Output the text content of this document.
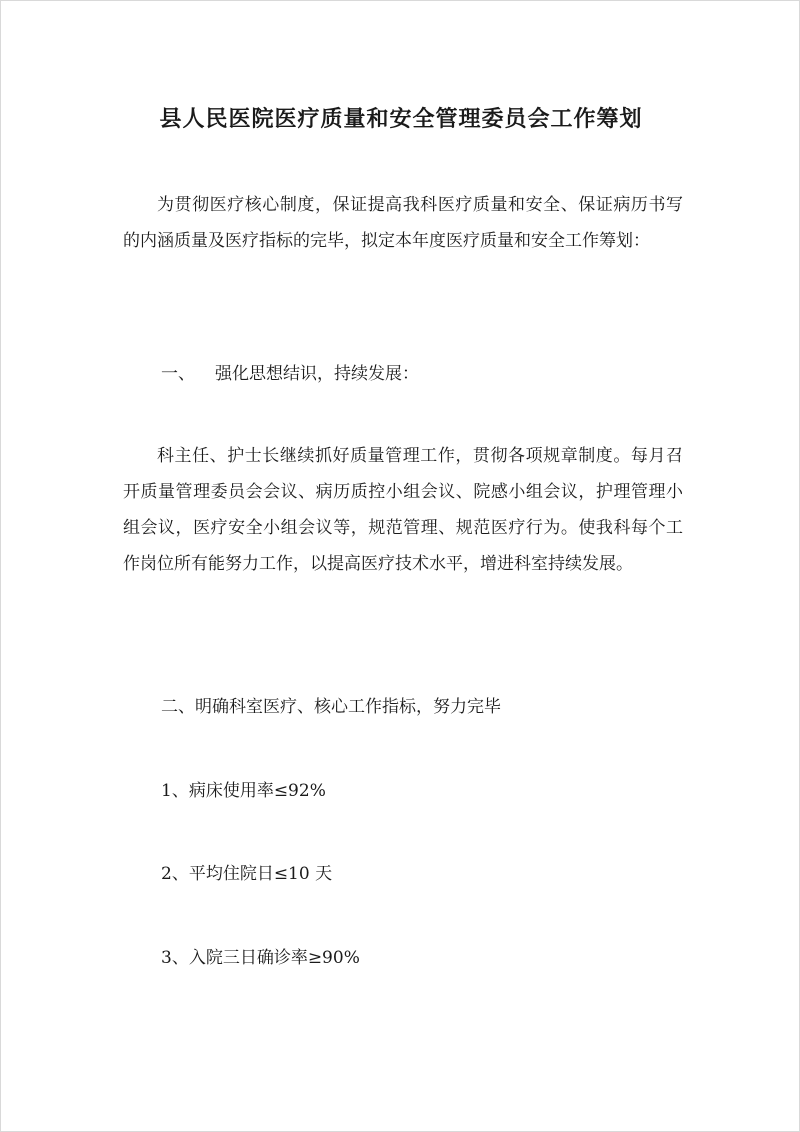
县人民医院医疗质量和安全管理委员会工作筹划
为贯彻医疗核心制度，保证提高我科医疗质量和安全、保证病历书写的内涵质量及医疗指标的完毕，拟定本年度医疗质量和安全工作筹划：
一、 强化思想结识，持续发展：
科主任、护士长继续抓好质量管理工作，贯彻各项规章制度。每月召开质量管理委员会会议、病历质控小组会议、院感小组会议，护理管理小组会议，医疗安全小组会议等，规范管理、规范医疗行为。使我科每个工作岗位所有能努力工作，以提高医疗技术水平，增进科室持续发展。
二、明确科室医疗、核心工作指标，努力完毕
1、病床使用率≤92%
2、平均住院日≤10 天
3、入院三日确诊率≥90%
